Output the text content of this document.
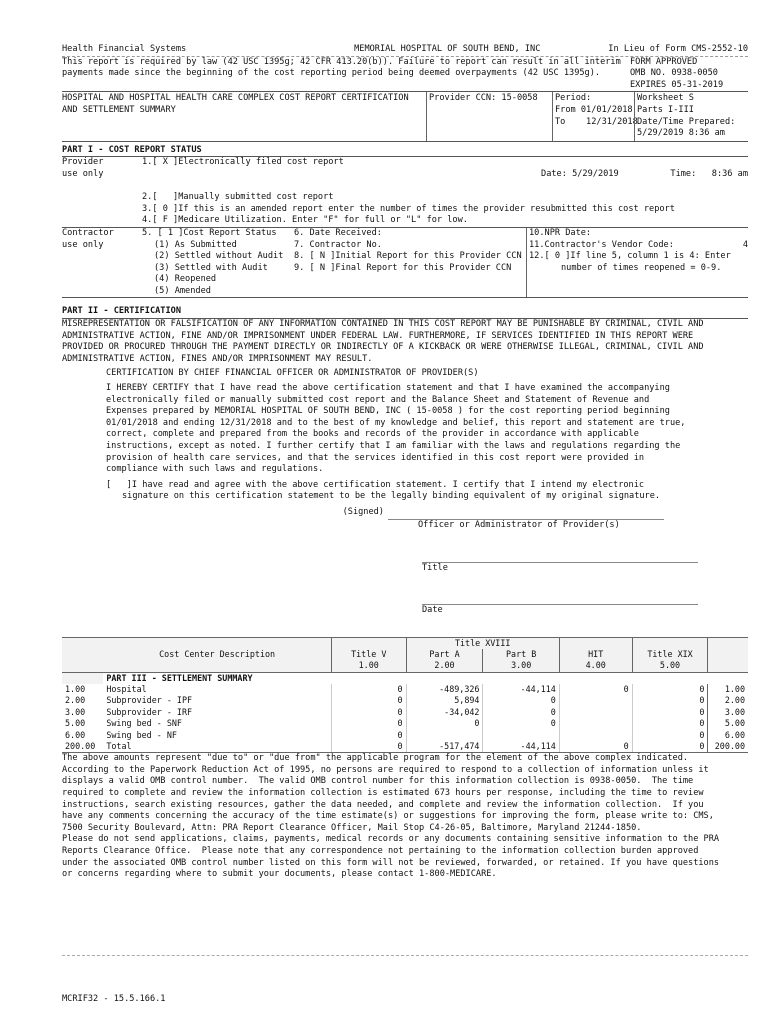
Health Financial Systems	MEMORIAL HOSPITAL OF SOUTH BEND, INC	In Lieu of Form CMS-2552-10
This report is required by law (42 USC 1395g; 42 CFR 413.20(b)). Failure to report can result in all interim FORM APPROVED
payments made since the beginning of the cost reporting period being deemed overpayments (42 USC 1395g).	OMB NO. 0938-0050
EXPIRES 05-31-2019
HOSPITAL AND HOSPITAL HEALTH CARE COMPLEX COST REPORT CERTIFICATION
AND SETTLEMENT SUMMARY
Provider CCN: 15-0058	Period:
From 01/01/2018
To    12/31/2018
Worksheet S
Parts I-III
Date/Time Prepared:
5/29/2019 8:36 am
PART I - COST REPORT STATUS
Provider
use only
1.[ X ]Electronically filed cost report

Date: 5/29/2019	Time:   8:36 am

2.[   ]Manually submitted cost report
3.[ 0 ]If this is an amended report enter the number of times the provider resubmitted this cost report
4.[ F ]Medicare Utilization. Enter "F" for full or "L" for low.
Contractor
use only
5. [ 1 ]Cost Report Status
(1) As Submitted
(2) Settled without Audit
(3) Settled with Audit
(4) Reopened
(5) Amended
6. Date Received:
7. Contractor No.
8. [ N ]Initial Report for this Provider CCN
9. [ N ]Final Report for this Provider CCN
10.NPR Date:
11.Contractor's Vendor Code:	4
12.[ 0 ]If line 5, column 1 is 4: Enter
number of times reopened = 0-9.
PART II - CERTIFICATION
MISREPRESENTATION OR FALSIFICATION OF ANY INFORMATION CONTAINED IN THIS COST REPORT MAY BE PUNISHABLE BY CRIMINAL, CIVIL AND
ADMINISTRATIVE ACTION, FINE AND/OR IMPRISONMENT UNDER FEDERAL LAW. FURTHERMORE, IF SERVICES IDENTIFIED IN THIS REPORT WERE
PROVIDED OR PROCURED THROUGH THE PAYMENT DIRECTLY OR INDIRECTLY OF A KICKBACK OR WERE OTHERWISE ILLEGAL, CRIMINAL, CIVIL AND
ADMINISTRATIVE ACTION, FINES AND/OR IMPRISONMENT MAY RESULT.
CERTIFICATION BY CHIEF FINANCIAL OFFICER OR ADMINISTRATOR OF PROVIDER(S)
I HEREBY CERTIFY that I have read the above certification statement and that I have examined the accompanying
electronically filed or manually submitted cost report and the Balance Sheet and Statement of Revenue and
Expenses prepared by MEMORIAL HOSPITAL OF SOUTH BEND, INC ( 15-0058 ) for the cost reporting period beginning
01/01/2018 and ending 12/31/2018 and to the best of my knowledge and belief, this report and statement are true,
correct, complete and prepared from the books and records of the provider in accordance with applicable
instructions, except as noted. I further certify that I am familiar with the laws and regulations regarding the
provision of health care services, and that the services identified in this cost report were provided in
compliance with such laws and regulations.
[   ]I have read and agree with the above certification statement. I certify that I intend my electronic
signature on this certification statement to be the legally binding equivalent of my original signature.
(Signed)
Officer or Administrator of Provider(s)
Title
Date
			Title XVIII				
	Cost Center Description	Title V	Part A	Part B	HIT	Title XIX	
		1.00	2.00	3.00	4.00	5.00	
	PART III - SETTLEMENT SUMMARY						
1.00	Hospital	0	-489,326	-44,114	0	0	1.00
2.00	Subprovider - IPF	0	5,894	0		0	2.00
3.00	Subprovider - IRF	0	-34,042	0		0	3.00
5.00	Swing bed - SNF	0	0	0		0	5.00
6.00	Swing bed - NF	0				0	6.00
200.00	Total	0	-517,474	-44,114	0	0	200.00
The above amounts represent "due to" or "due from" the applicable program for the element of the above complex indicated.
According to the Paperwork Reduction Act of 1995, no persons are required to respond to a collection of information unless it
displays a valid OMB control number.  The valid OMB control number for this information collection is 0938-0050.  The time
required to complete and review the information collection is estimated 673 hours per response, including the time to review
instructions, search existing resources, gather the data needed, and complete and review the information collection.  If you
have any comments concerning the accuracy of the time estimate(s) or suggestions for improving the form, please write to: CMS,
7500 Security Boulevard, Attn: PRA Report Clearance Officer, Mail Stop C4-26-05, Baltimore, Maryland 21244-1850.
Please do not send applications, claims, payments, medical records or any documents containing sensitive information to the PRA
Reports Clearance Office.  Please note that any correspondence not pertaining to the information collection burden approved
under the associated OMB control number listed on this form will not be reviewed, forwarded, or retained. If you have questions
or concerns regarding where to submit your documents, please contact 1-800-MEDICARE.
MCRIF32 - 15.5.166.1
